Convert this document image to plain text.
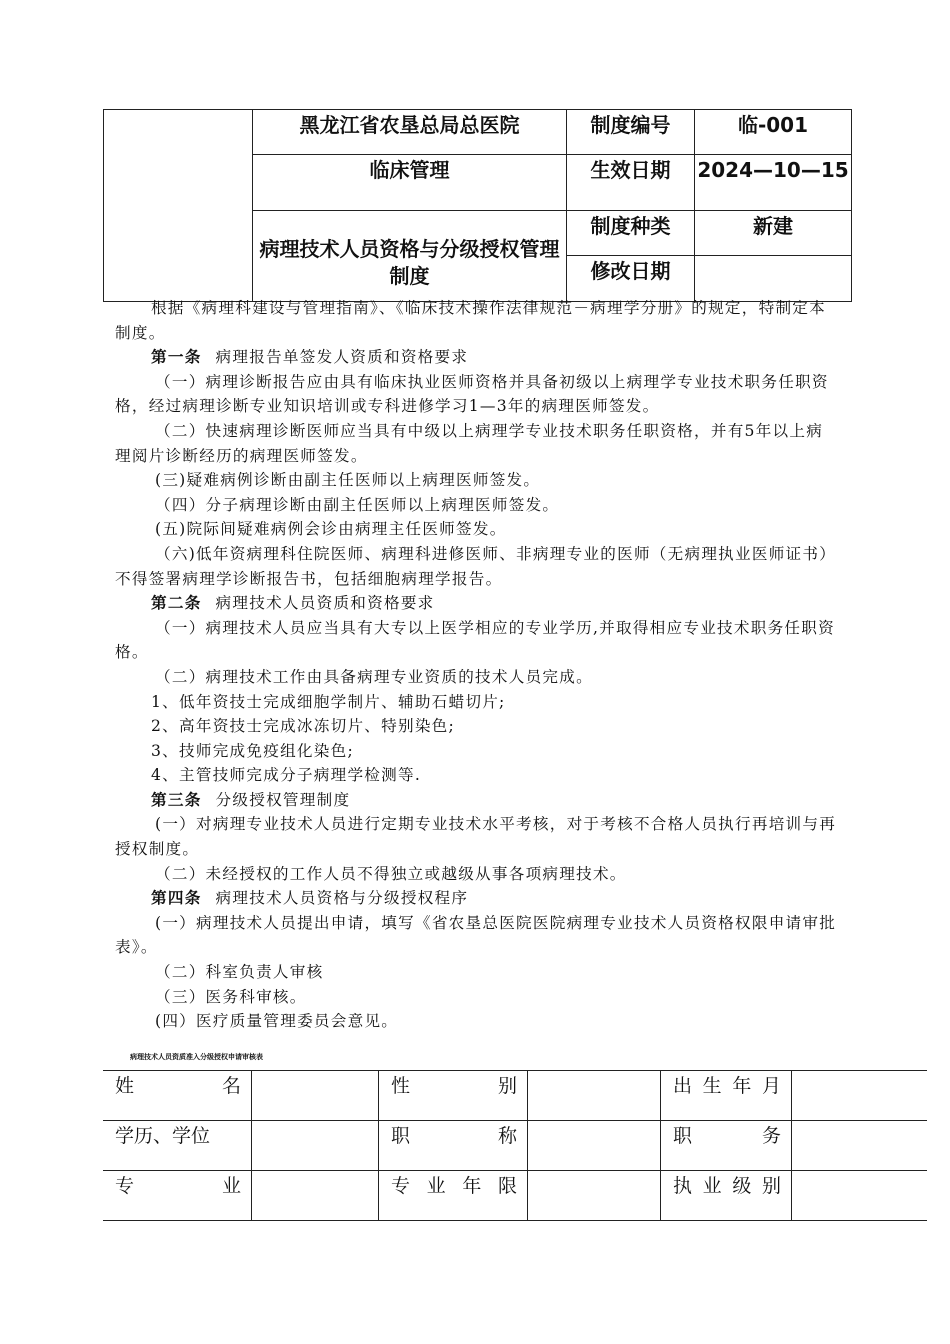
	黑龙江省农垦总局总医院	制度编号	临-001
	临床管理	生效日期	2024—10—15
	病理技术人员资格与分级授权管理制度	制度种类	新建
		修改日期	

根据《病理科建设与管理指南》、《临床技术操作法律规范－病理学分册》的规定，特制定本制度。

第一条 病理报告单签发人资质和资格要求

（一）病理诊断报告应由具有临床执业医师资格并具备初级以上病理学专业技术职务任职资格，经过病理诊断专业知识培训或专科进修学习1—3年的病理医师签发。

（二）快速病理诊断医师应当具有中级以上病理学专业技术职务任职资格，并有5年以上病理阅片诊断经历的病理医师签发。

(三)疑难病例诊断由副主任医师以上病理医师签发。

（四）分子病理诊断由副主任医师以上病理医师签发。

(五)院际间疑难病例会诊由病理主任医师签发。

（六)低年资病理科住院医师、病理科进修医师、非病理专业的医师（无病理执业医师证书）不得签署病理学诊断报告书，包括细胞病理学报告。

第二条 病理技术人员资质和资格要求

（一）病理技术人员应当具有大专以上医学相应的专业学历,并取得相应专业技术职务任职资格。

（二）病理技术工作由具备病理专业资质的技术人员完成。

1、低年资技士完成细胞学制片、辅助石蜡切片;

2、高年资技士完成冰冻切片、特别染色;

3、技师完成免疫组化染色;

4、主管技师完成分子病理学检测等.

第三条 分级授权管理制度

(一）对病理专业技术人员进行定期专业技术水平考核，对于考核不合格人员执行再培训与再授权制度。

（二）未经授权的工作人员不得独立或越级从事各项病理技术。

第四条 病理技术人员资格与分级授权程序

(一）病理技术人员提出申请，填写《省农垦总医院医院病理专业技术人员资格权限申请审批表》。

（二）科室负责人审核

（三）医务科审核。

(四）医疗质量管理委员会意见。

病理技术人员资质准入分级授权申请审核表
姓名		性别		出生年月	
学历、学位		职称		职务	
专业		专业年限		执业级别	
